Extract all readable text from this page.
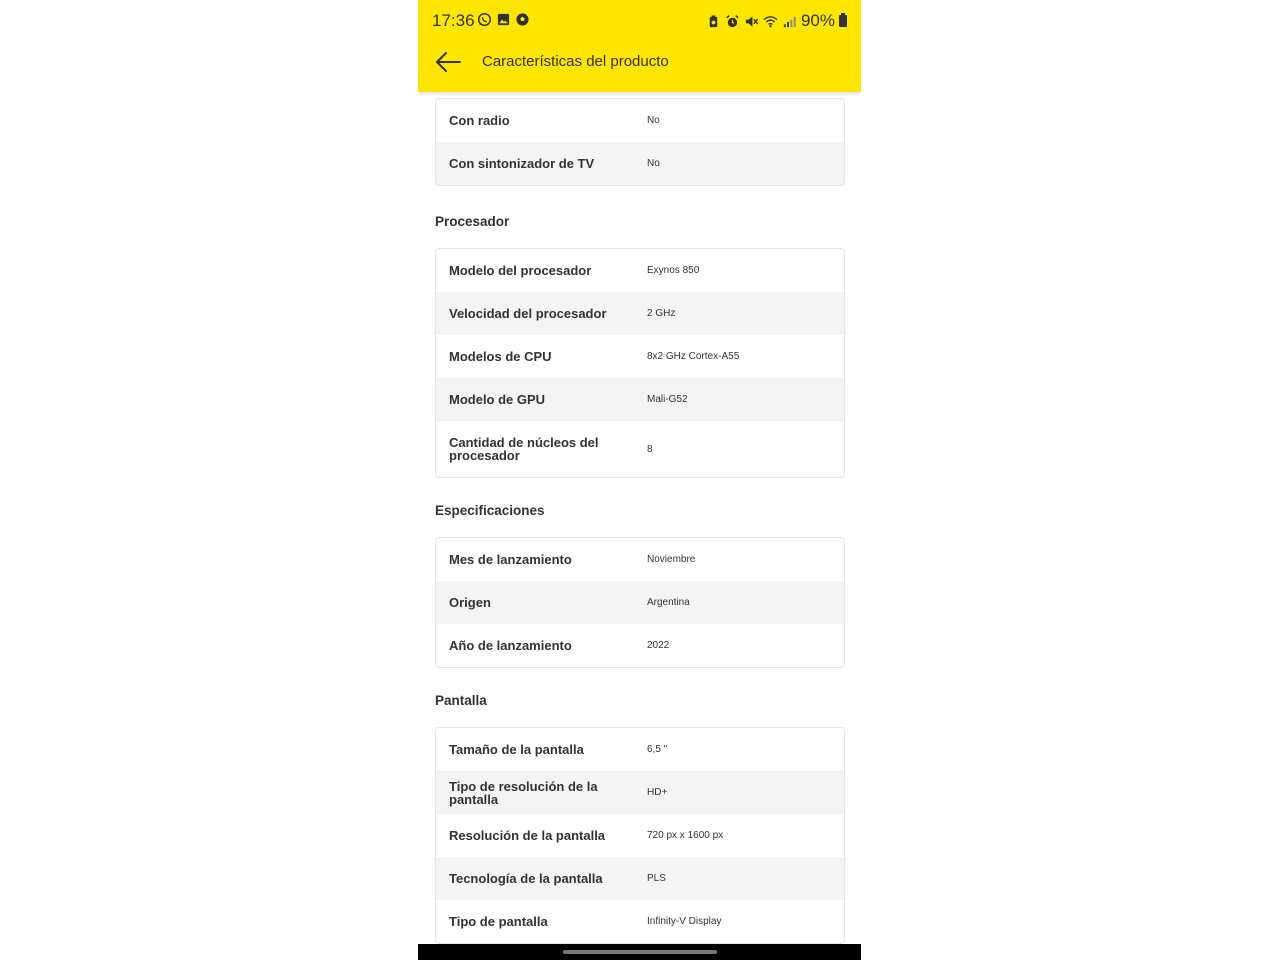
Con radio	No
Con sintonizador de TV	No
Procesador
Modelo del procesador	Exynos 850
Velocidad del procesador	2 GHz
Modelos de CPU	8x2 GHz Cortex-A55
Modelo de GPU	Mali-G52
Cantidad de núcleos del procesador	8
Especificaciones
Mes de lanzamiento	Noviembre
Origen	Argentina
Año de lanzamiento	2022
Pantalla
Tamaño de la pantalla	6,5 "
Tipo de resolución de la pantalla	HD+
Resolución de la pantalla	720 px x 1600 px
Tecnología de la pantalla	PLS
Tipo de pantalla	Infinity-V Display
17:36	90%
Características del producto
